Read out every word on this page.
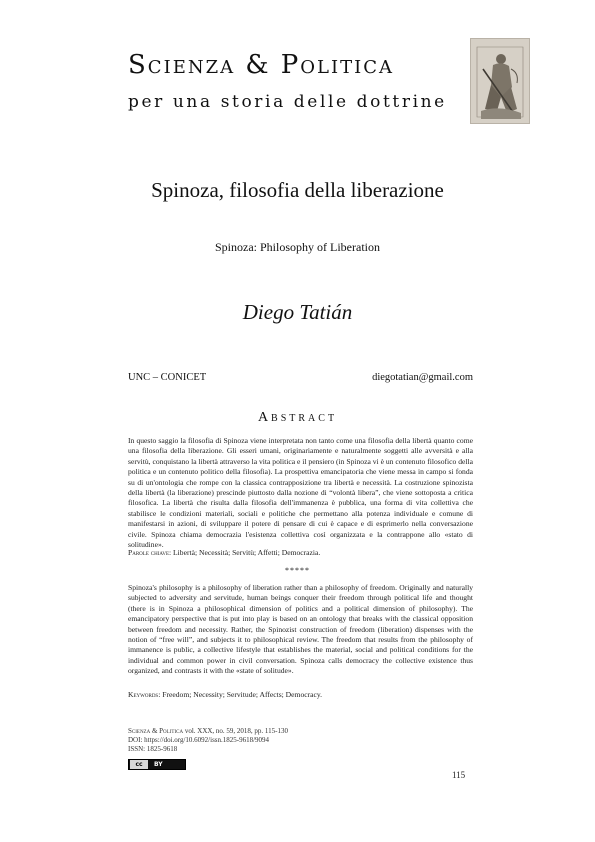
Scienza & Politica
per una storia delle dottrine
Spinoza, filosofia della liberazione
Spinoza: Philosophy of Liberation
Diego Tatián
UNC – CONICET	diegotatian@gmail.com
Abstract
In questo saggio la filosofia di Spinoza viene interpretata non tanto come una filosofia della libertà quanto come una filosofia della liberazione. Gli esseri umani, originariamente e naturalmente soggetti alle avversità e alla servitù, conquistano la libertà attraverso la vita politica e il pensiero (in Spinoza vi è un contenuto filosofico della politica e un contenuto politico della filosofia). La prospettiva emancipatoria che viene messa in campo si fonda su di un'ontologia che rompe con la classica contrapposizione tra libertà e necessità. La costruzione spinozista della libertà (la liberazione) prescinde piuttosto dalla nozione di “volontà libera”, che viene sottoposta a critica filosofica. La libertà che risulta dalla filosofia dell'immanenza è pubblica, una forma di vita collettiva che stabilisce le condizioni materiali, sociali e politiche che permettano alla potenza individuale e comune di manifestarsi in azioni, di sviluppare il potere di pensare di cui è capace e di esprimerlo nella conversazione civile. Spinoza chiama democrazia l'esistenza collettiva così organizzata e la contrappone allo «stato di solitudine».
Parole chiave: Libertà; Necessità; Servitù; Affetti; Democrazia.
*****
Spinoza's philosophy is a philosophy of liberation rather than a philosophy of freedom. Originally and naturally subjected to adversity and servitude, human beings conquer their freedom through political life and thought (there is in Spinoza a philosophical dimension of politics and a political dimension of philosophy). The emancipatory perspective that is put into play is based on an ontology that breaks with the classical opposition between freedom and necessity. Rather, the Spinozist construction of freedom (liberation) dispenses with the notion of “free will”, and subjects it to philosophical review. The freedom that results from the philosophy of immanence is public, a collective lifestyle that establishes the material, social and political conditions for the individual and common power in civil conversation. Spinoza calls democracy the collective existence thus organized, and contrasts it with the «state of solitude».
Keywords: Freedom; Necessity; Servitude; Affects; Democracy.
Scienza & Politica vol. XXX, no. 59, 2018, pp. 115-130
DOI: https://doi.org/10.6092/issn.1825-9618/9094
ISSN: 1825-9618
cc	BY
115
